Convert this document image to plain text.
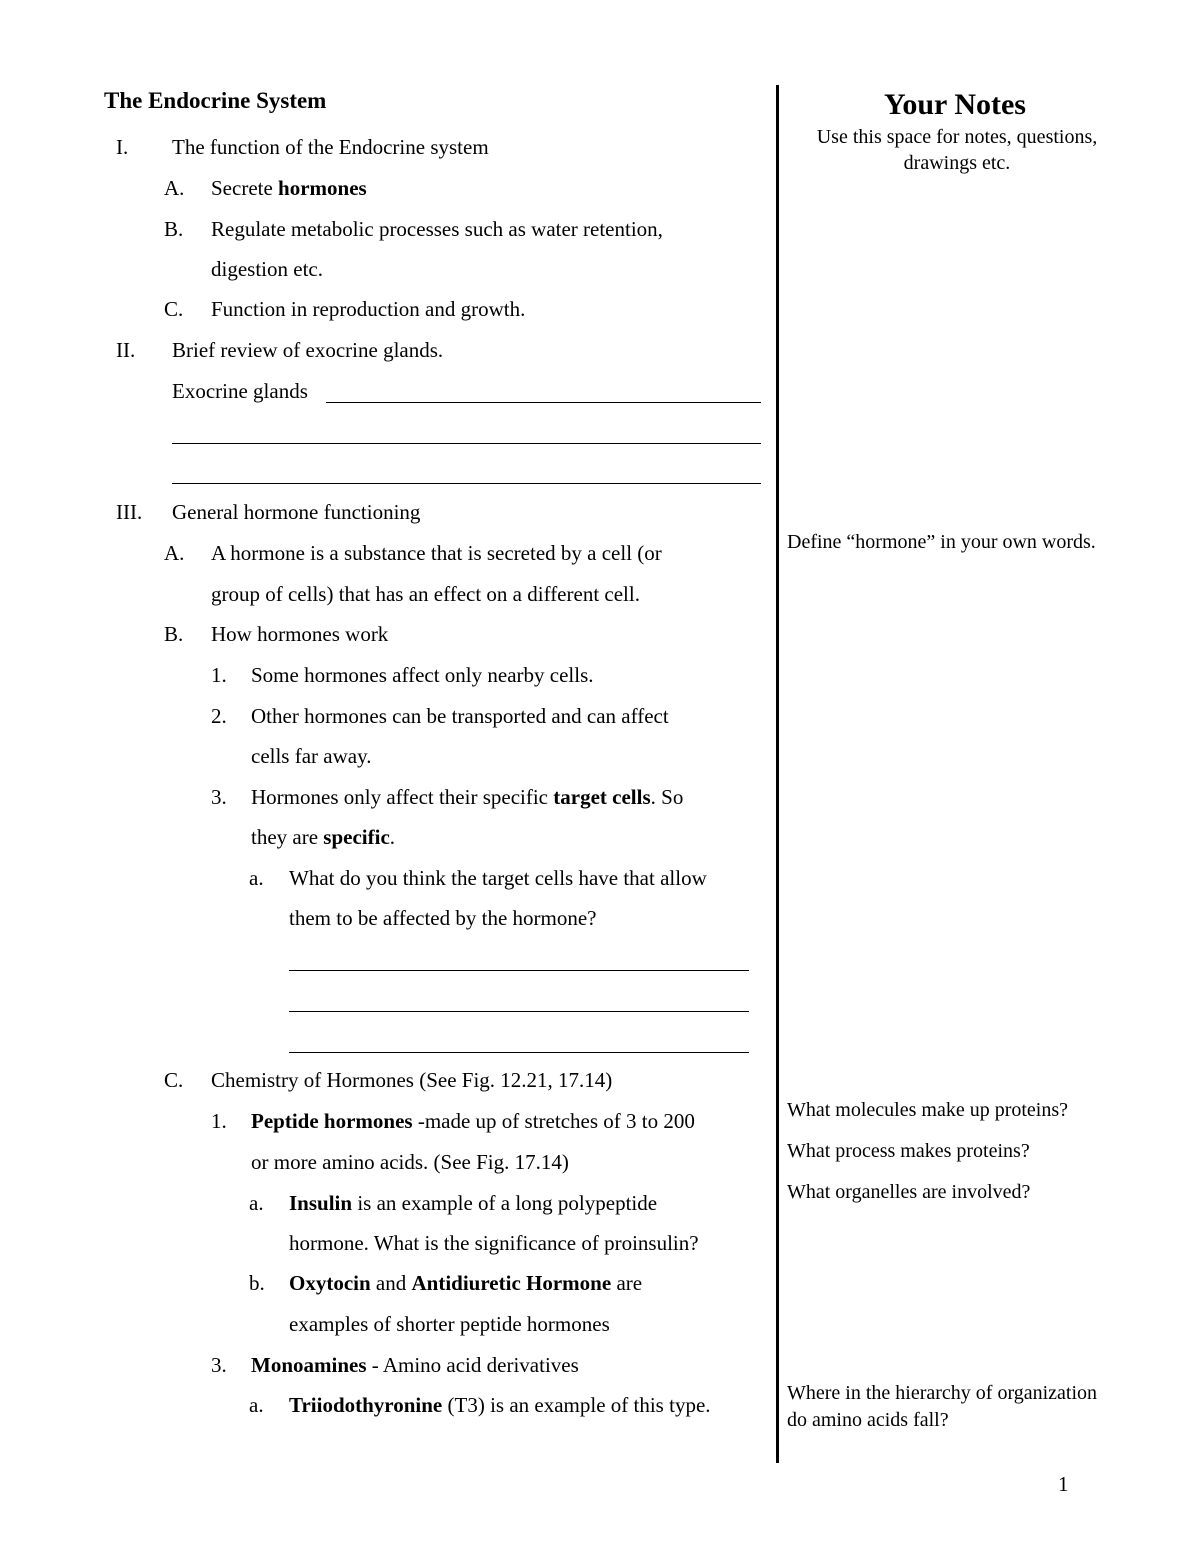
The Endocrine System
I. The function of the Endocrine system
A. Secrete hormones
B. Regulate metabolic processes such as water retention,
digestion etc.
C. Function in reproduction and growth.
II. Brief review of exocrine glands.
Exocrine glands
III. General hormone functioning
A. A hormone is a substance that is secreted by a cell (or
group of cells) that has an effect on a different cell.
B. How hormones work
1. Some hormones affect only nearby cells.
2. Other hormones can be transported and can affect
cells far away.
3. Hormones only affect their specific target cells. So
they are specific.
a. What do you think the target cells have that allow
them to be affected by the hormone?
C. Chemistry of Hormones (See Fig. 12.21, 17.14)
1. Peptide hormones -made up of stretches of 3 to 200
or more amino acids. (See Fig. 17.14)
a. Insulin is an example of a long polypeptide
hormone. What is the significance of proinsulin?
b. Oxytocin and Antidiuretic Hormone are
examples of shorter peptide hormones
3. Monoamines - Amino acid derivatives
a. Triiodothyronine (T3) is an example of this type.
Your Notes
Use this space for notes, questions, drawings etc.
Define “hormone” in your own words.
What molecules make up proteins?
What process makes proteins?
What organelles are involved?
Where in the hierarchy of organization do amino acids fall?
1
